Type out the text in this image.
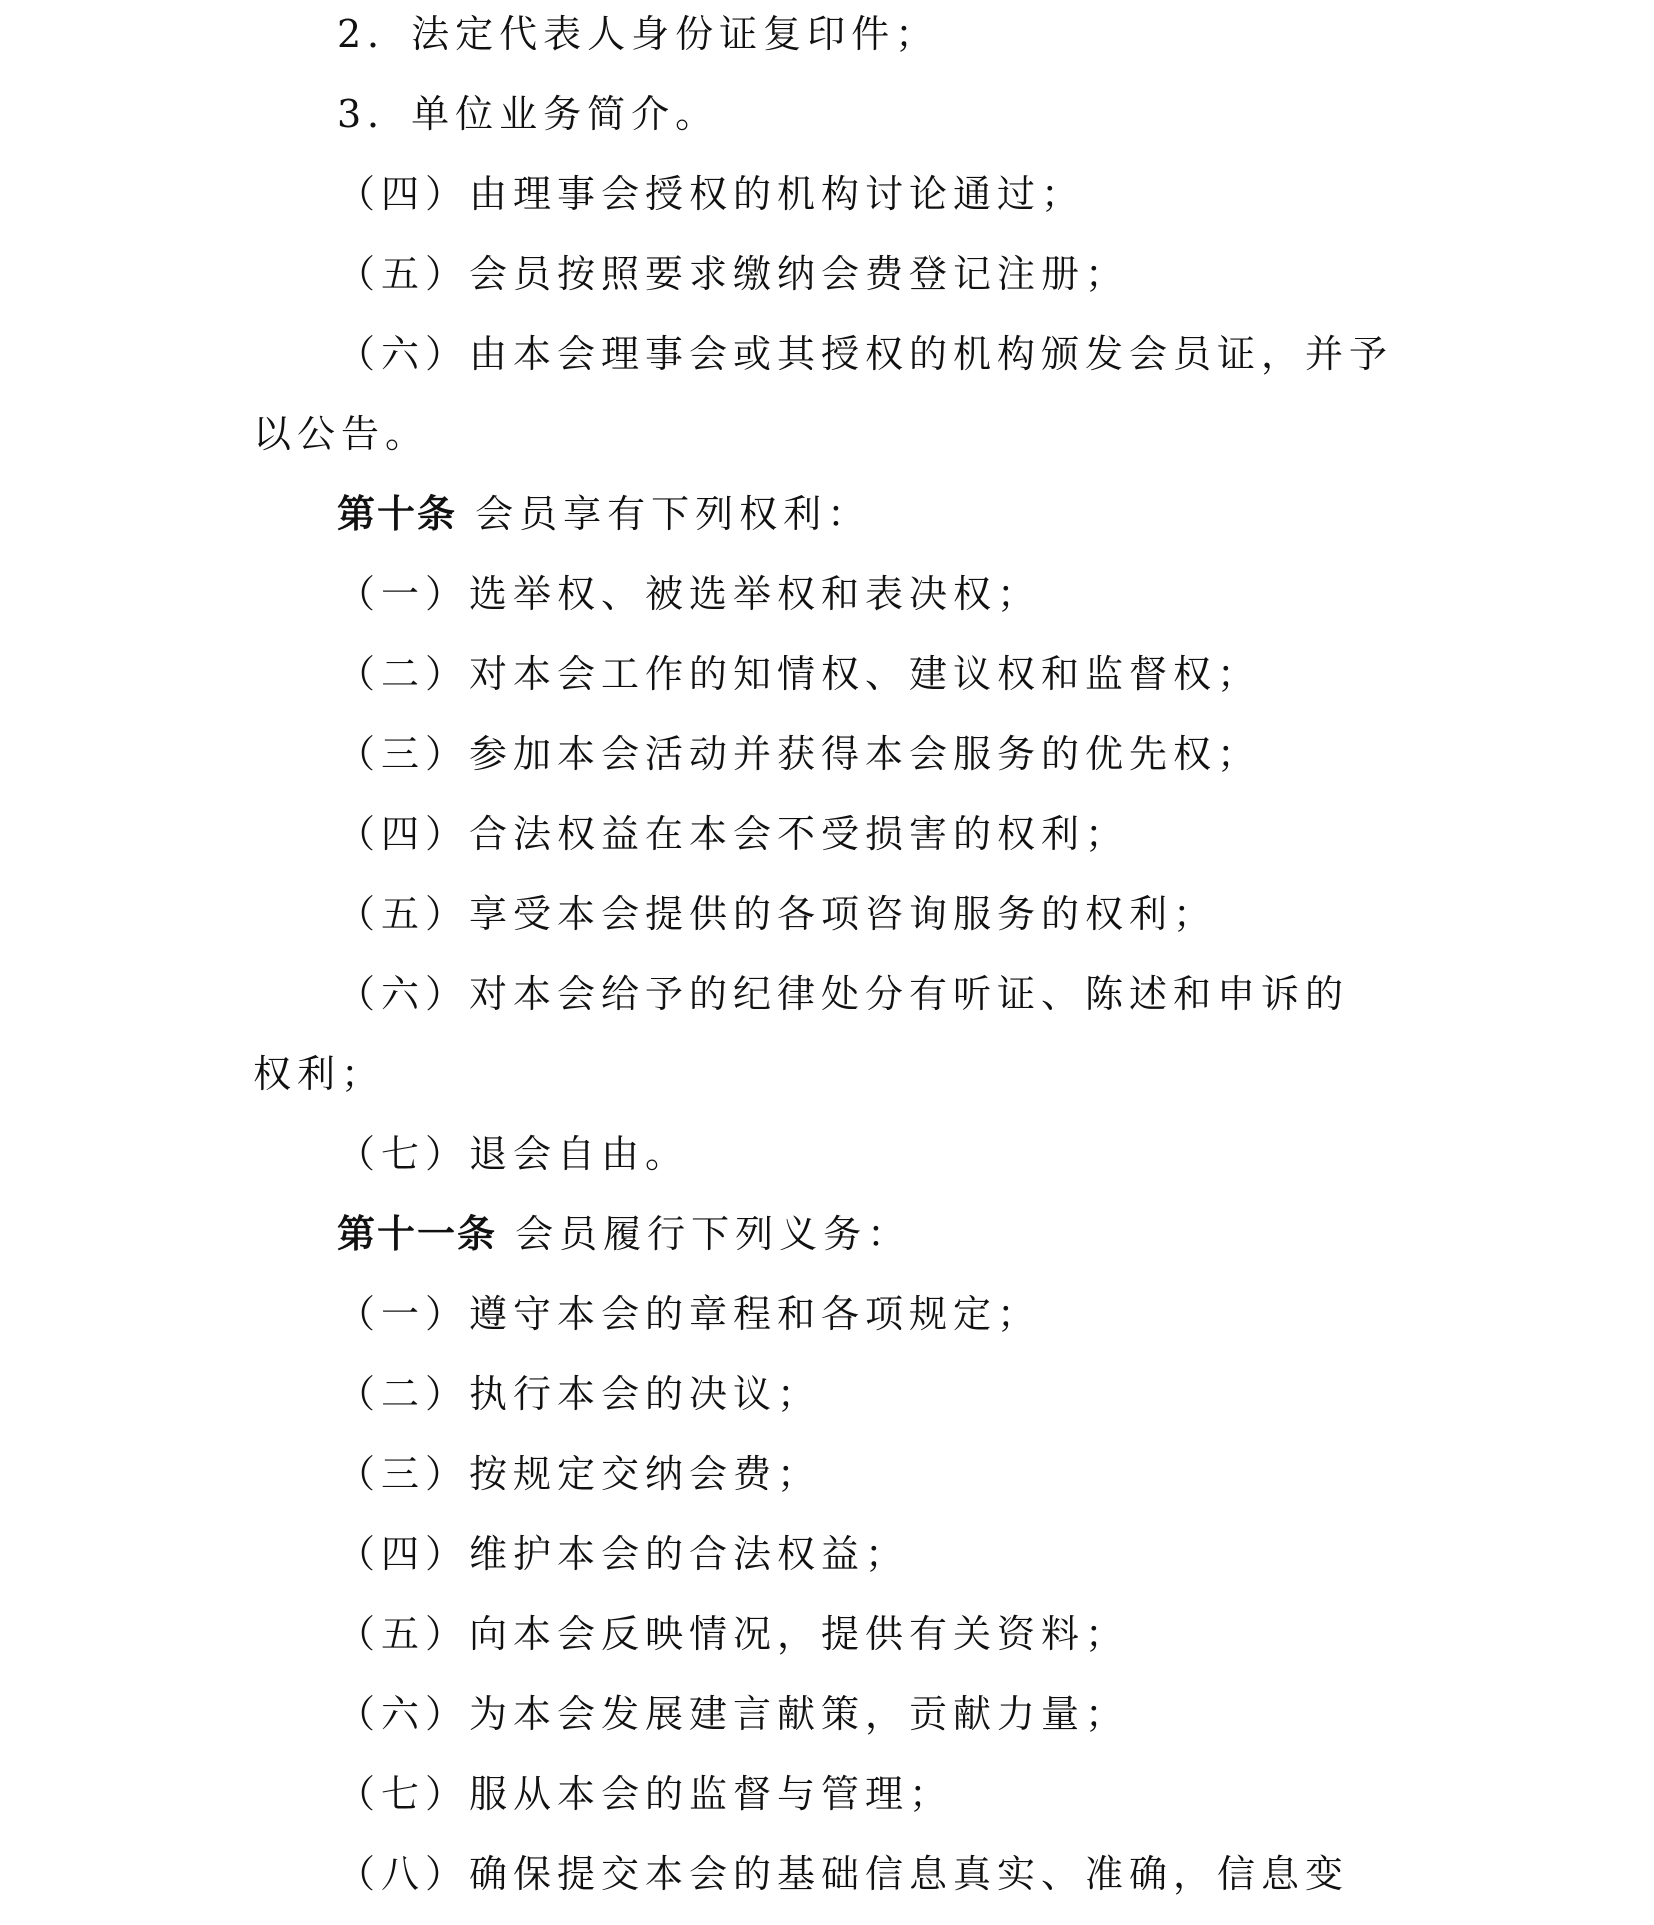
2．法定代表人身份证复印件；
3．单位业务简介。
（四）由理事会授权的机构讨论通过；
（五）会员按照要求缴纳会费登记注册；
（六）由本会理事会或其授权的机构颁发会员证，并予
以公告。
第十条 会员享有下列权利：
（一）选举权、被选举权和表决权；
（二）对本会工作的知情权、建议权和监督权；
（三）参加本会活动并获得本会服务的优先权；
（四）合法权益在本会不受损害的权利；
（五）享受本会提供的各项咨询服务的权利；
（六）对本会给予的纪律处分有听证、陈述和申诉的
权利；
（七）退会自由。
第十一条 会员履行下列义务：
（一）遵守本会的章程和各项规定；
（二）执行本会的决议；
（三）按规定交纳会费；
（四）维护本会的合法权益；
（五）向本会反映情况，提供有关资料；
（六）为本会发展建言献策，贡献力量；
（七）服从本会的监督与管理；
（八）确保提交本会的基础信息真实、准确，信息变
